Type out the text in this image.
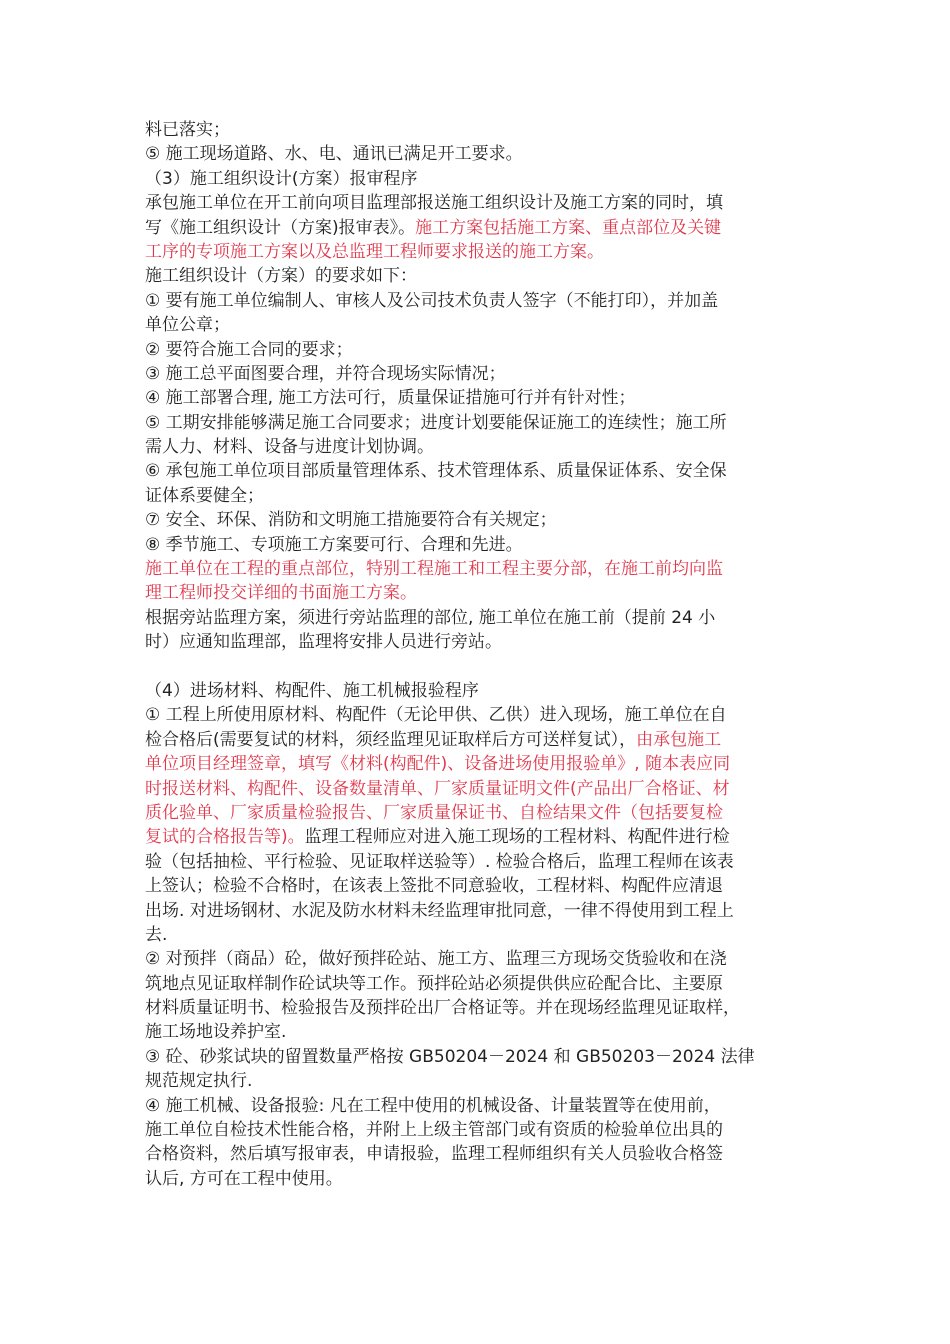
料已落实；
⑤ 施工现场道路、水、电、通讯已满足开工要求。
（3）施工组织设计(方案）报审程序
承包施工单位在开工前向项目监理部报送施工组织设计及施工方案的同时，填
写《施工组织设计（方案)报审表》。施工方案包括施工方案、重点部位及关键
工序的专项施工方案以及总监理工程师要求报送的施工方案。
施工组织设计（方案）的要求如下：
① 要有施工单位编制人、审核人及公司技术负责人签字（不能打印），并加盖
单位公章；
② 要符合施工合同的要求；
③ 施工总平面图要合理，并符合现场实际情况；
④ 施工部署合理, 施工方法可行，质量保证措施可行并有针对性；
⑤ 工期安排能够满足施工合同要求；进度计划要能保证施工的连续性；施工所
需人力、材料、设备与进度计划协调。
⑥ 承包施工单位项目部质量管理体系、技术管理体系、质量保证体系、安全保
证体系要健全；
⑦ 安全、环保、消防和文明施工措施要符合有关规定；
⑧ 季节施工、专项施工方案要可行、合理和先进。
施工单位在工程的重点部位，特别工程施工和工程主要分部，在施工前均向监
理工程师投交详细的书面施工方案。
根据旁站监理方案，须进行旁站监理的部位, 施工单位在施工前（提前 24 小
时）应通知监理部，监理将安排人员进行旁站。
（4）进场材料、构配件、施工机械报验程序
① 工程上所使用原材料、构配件（无论甲供、乙供）进入现场，施工单位在自
检合格后(需要复试的材料，须经监理见证取样后方可送样复试），由承包施工
单位项目经理签章，填写《材料(构配件)、设备进场使用报验单》, 随本表应同
时报送材料、构配件、设备数量清单、厂家质量证明文件(产品出厂合格证、材
质化验单、厂家质量检验报告、厂家质量保证书、自检结果文件（包括要复检
复试的合格报告等)。监理工程师应对进入施工现场的工程材料、构配件进行检
验（包括抽检、平行检验、见证取样送验等）. 检验合格后，监理工程师在该表
上签认；检验不合格时，在该表上签批不同意验收，工程材料、构配件应清退
出场. 对进场钢材、水泥及防水材料未经监理审批同意，一律不得使用到工程上
去.
② 对预拌（商品）砼，做好预拌砼站、施工方、监理三方现场交货验收和在浇
筑地点见证取样制作砼试块等工作。预拌砼站必须提供供应砼配合比、主要原
材料质量证明书、检验报告及预拌砼出厂合格证等。并在现场经监理见证取样，
施工场地设养护室.
③ 砼、砂浆试块的留置数量严格按 GB50204－2024 和 GB50203－2024 法律
规范规定执行.
④ 施工机械、设备报验: 凡在工程中使用的机械设备、计量装置等在使用前，
施工单位自检技术性能合格，并附上上级主管部门或有资质的检验单位出具的
合格资料，然后填写报审表，申请报验，监理工程师组织有关人员验收合格签
认后, 方可在工程中使用。
